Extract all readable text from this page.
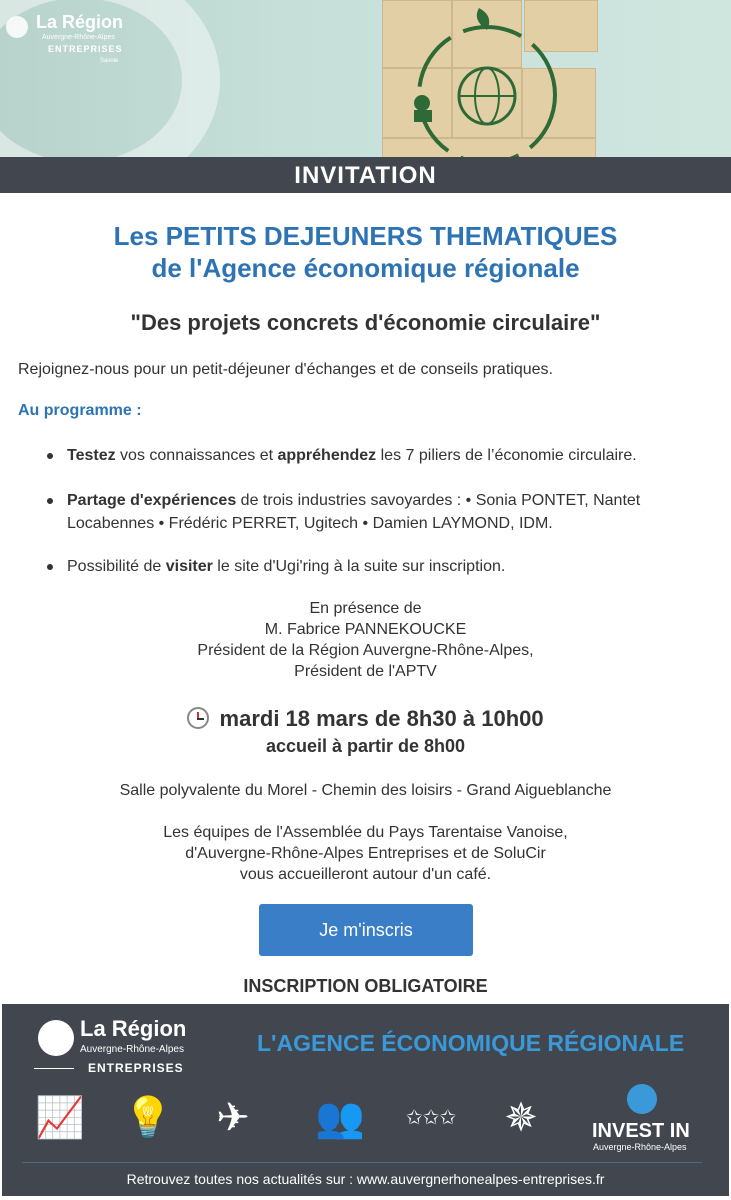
La Région
Auvergne-Rhône-Alpes
ENTREPRISES
Savoie
INVITATION
Les PETITS DEJEUNERS THEMATIQUES
de l'Agence économique régionale
"Des projets concrets d'économie circulaire"
Rejoignez-nous pour un petit-déjeuner d'échanges et de conseils pratiques.
Au programme :
Testez vos connaissances et appréhendez les 7 piliers de l’économie circulaire.
Partage d'expériences de trois industries savoyardes : • Sonia PONTET, Nantet Locabennes • Frédéric PERRET, Ugitech • Damien LAYMOND, IDM.
Possibilité de visiter le site d'Ugi'ring à la suite sur inscription.
En présence de
M. Fabrice PANNEKOUCKE
Président de la Région Auvergne-Rhône-Alpes,
Président de l'APTV
mardi 18 mars de 8h30 à 10h00
accueil à partir de 8h00
Salle polyvalente du Morel - Chemin des loisirs - Grand Aigueblanche
Les équipes de l'Assemblée du Pays Tarentaise Vanoise,
d'Auvergne-Rhône-Alpes Entreprises et de SoluCir
vous accueilleront autour d'un café.
Je m'inscris
INSCRIPTION OBLIGATOIRE
La Région
Auvergne-Rhône-Alpes
ENTREPRISES
L'AGENCE ÉCONOMIQUE RÉGIONALE
📈 💡 ✈ 👥 ✩✩✩ ✵	INVEST IN
Auvergne-Rhône-Alpes
Retrouvez toutes nos actualités sur : www.auvergnerhonealpes-entreprises.fr
